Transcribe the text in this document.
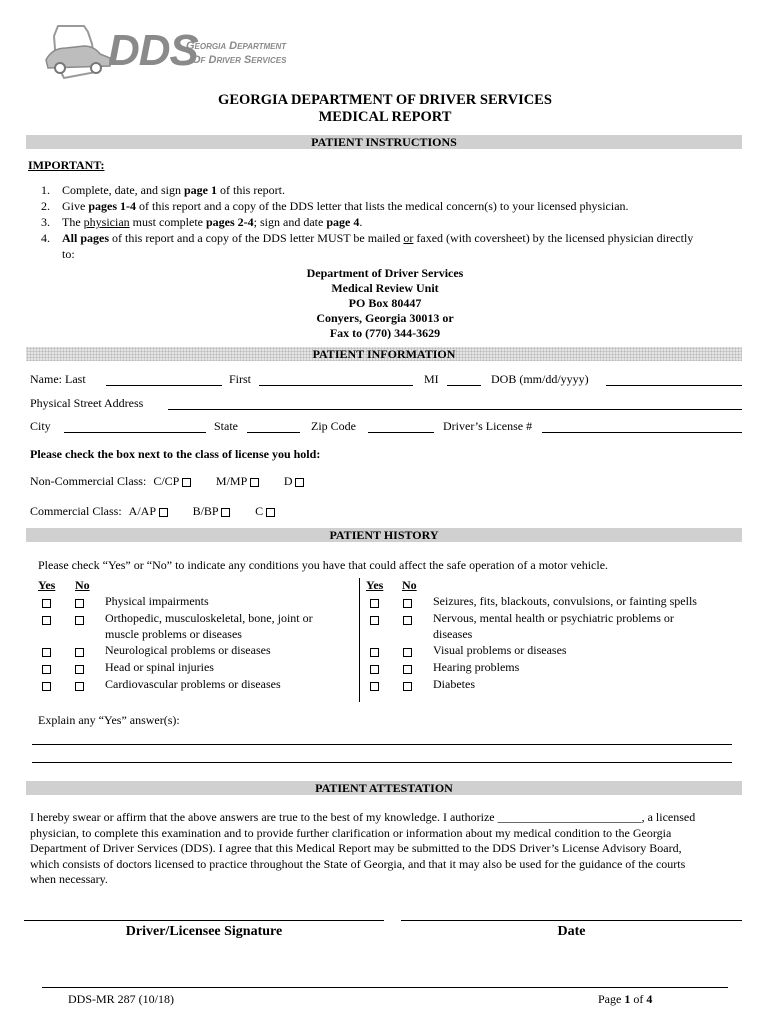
DDS
Georgia Department
Of Driver Services
GEORGIA DEPARTMENT OF DRIVER SERVICES
MEDICAL REPORT
PATIENT INSTRUCTIONS
IMPORTANT:
1. Complete, date, and sign page 1 of this report.
2. Give pages 1-4 of this report and a copy of the DDS letter that lists the medical concern(s) to your licensed physician.
3. The physician must complete pages 2-4; sign and date page 4.
4. All pages of this report and a copy of the DDS letter MUST be mailed or faxed (with coversheet) by the licensed physician directly
to:
Department of Driver Services
Medical Review Unit
PO Box 80447
Conyers, Georgia 30013 or
Fax to (770) 344-3629
PATIENT INFORMATION
Name: Last	First	MI	DOB (mm/dd/yyyy)
Physical Street Address
City	State	Zip Code	Driver’s License #
Please check the box next to the class of license you hold:
Non-Commercial Class: C/CP	M/MP	D
Commercial Class: A/AP	B/BP	C
PATIENT HISTORY
Please check “Yes” or “No” to indicate any conditions you have that could affect the safe operation of a motor vehicle.
Yes No	Yes No
Physical impairments
Orthopedic, musculoskeletal, bone, joint or
muscle problems or diseases
Neurological problems or diseases
Head or spinal injuries
Cardiovascular problems or diseases
Seizures, fits, blackouts, convulsions, or fainting spells
Nervous, mental health or psychiatric problems or
diseases
Visual problems or diseases
Hearing problems
Diabetes
Explain any “Yes” answer(s):
PATIENT ATTESTATION
I hereby swear or affirm that the above answers are true to the best of my knowledge. I authorize ________________________, a licensed
physician, to complete this examination and to provide further clarification or information about my medical condition to the Georgia
Department of Driver Services (DDS). I agree that this Medical Report may be submitted to the DDS Driver’s License Advisory Board,
which consists of doctors licensed to practice throughout the State of Georgia, and that it may also be used for the guidance of the courts
when necessary.
Driver/Licensee Signature	Date
DDS-MR 287 (10/18)	Page 1 of 4
